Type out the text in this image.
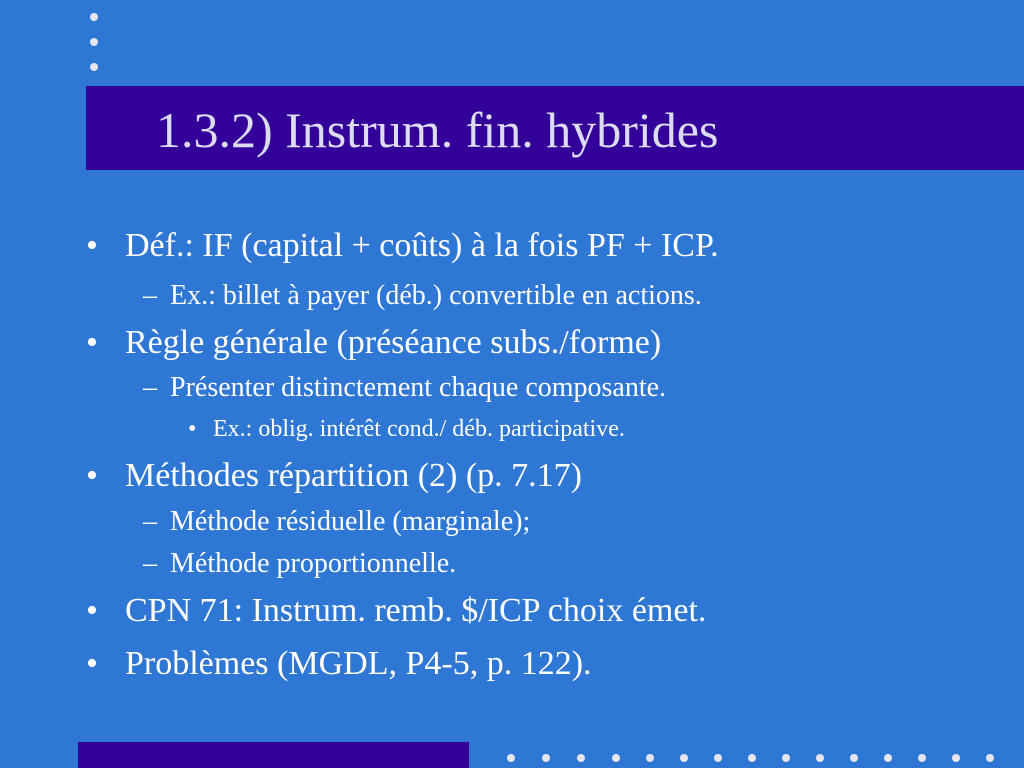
1.3.2) Instrum. fin. hybrides
• Déf.: IF (capital + coûts) à la fois PF + ICP.
– Ex.: billet à payer (déb.) convertible en actions.
• Règle générale (préséance subs./forme)
– Présenter distinctement chaque composante.
• Ex.: oblig. intérêt cond./ déb. participative.
• Méthodes répartition (2) (p. 7.17)
– Méthode résiduelle (marginale);
– Méthode proportionnelle.
• CPN 71: Instrum. remb. $/ICP choix émet.
• Problèmes (MGDL, P4-5, p. 122).
